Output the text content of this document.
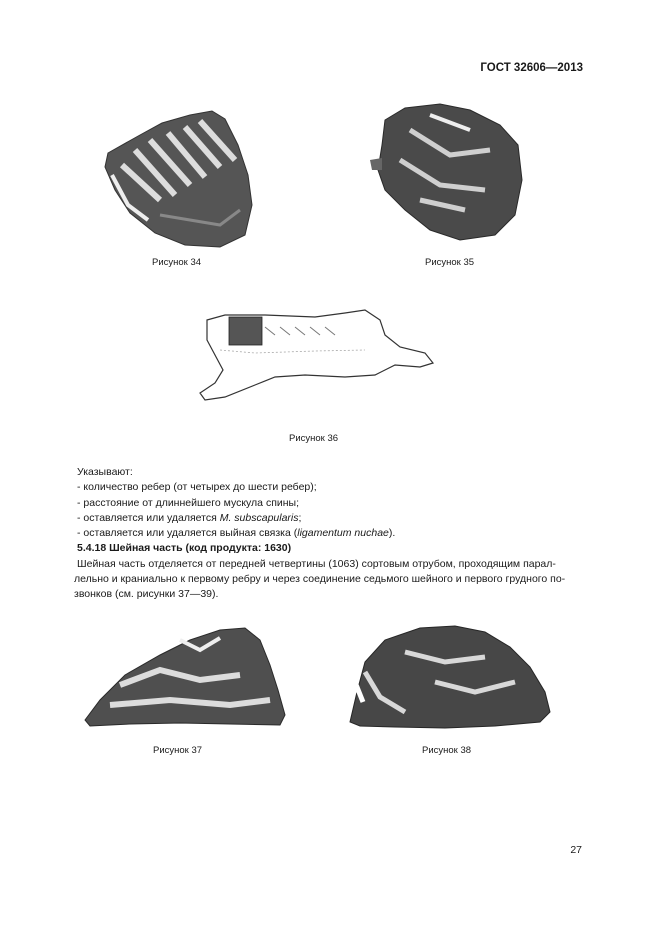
ГОСТ 32606—2013
Рисунок 34	Рисунок 35
Рисунок 36

Указывают:

- количество ребер (от четырех до шести ребер);

- расстояние от длиннейшего мускула спины;

- оставляется или удаляется M. subscapularis;

- оставляется или удаляется выйная связка (ligamentum nuchae).

5.4.18 Шейная часть (код продукта: 1630)

Шейная часть отделяется от передней четвертины (1063) сортовым отрубом, проходящим парал-

лельно и краниально к первому ребру и через соединение седьмого шейного и первого грудного по-

звонков (см. рисунки 37—39).

Рисунок 37	Рисунок 38
27
